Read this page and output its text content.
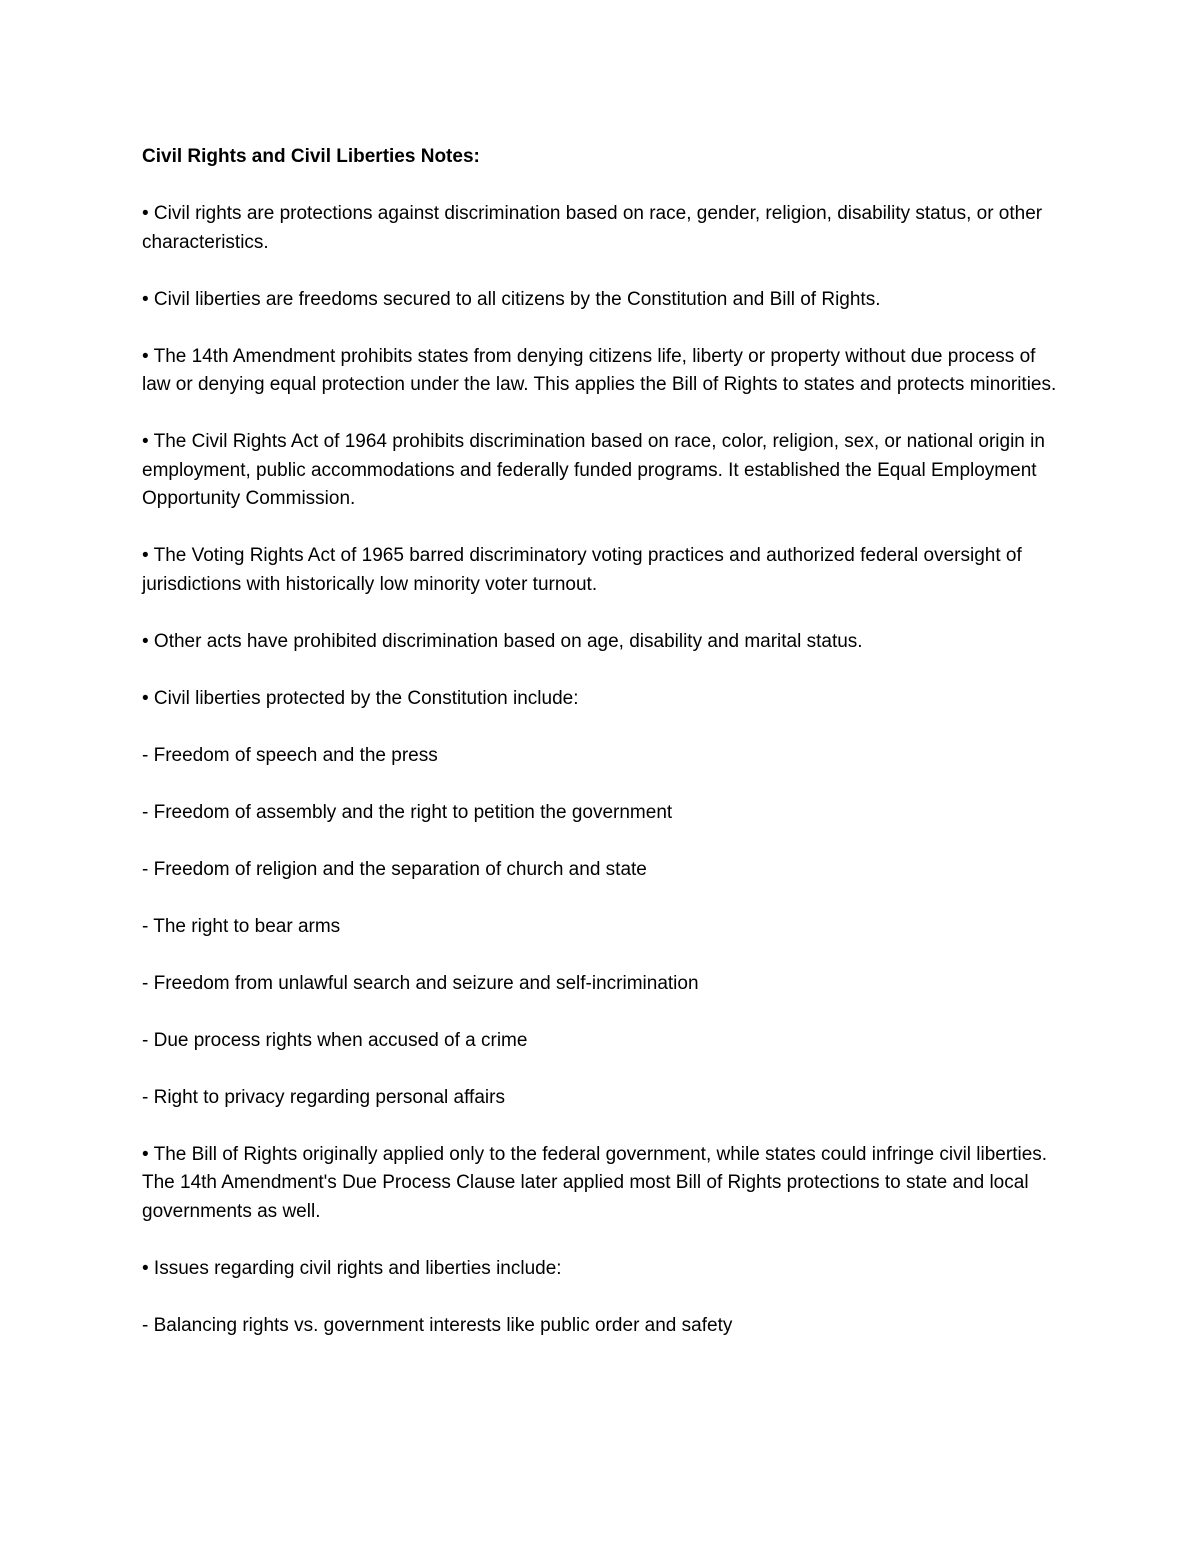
Civil Rights and Civil Liberties Notes:

• Civil rights are protections against discrimination based on race, gender, religion, disability status, or other characteristics.

• Civil liberties are freedoms secured to all citizens by the Constitution and Bill of Rights.

• The 14th Amendment prohibits states from denying citizens life, liberty or property without due process of law or denying equal protection under the law. This applies the Bill of Rights to states and protects minorities.

• The Civil Rights Act of 1964 prohibits discrimination based on race, color, religion, sex, or national origin in employment, public accommodations and federally funded programs. It established the Equal Employment Opportunity Commission.

• The Voting Rights Act of 1965 barred discriminatory voting practices and authorized federal oversight of jurisdictions with historically low minority voter turnout.

• Other acts have prohibited discrimination based on age, disability and marital status.

• Civil liberties protected by the Constitution include:

- Freedom of speech and the press

- Freedom of assembly and the right to petition the government

- Freedom of religion and the separation of church and state

- The right to bear arms

- Freedom from unlawful search and seizure and self-incrimination

- Due process rights when accused of a crime

- Right to privacy regarding personal affairs

• The Bill of Rights originally applied only to the federal government, while states could infringe civil liberties. The 14th Amendment's Due Process Clause later applied most Bill of Rights protections to state and local governments as well.

• Issues regarding civil rights and liberties include:

- Balancing rights vs. government interests like public order and safety
